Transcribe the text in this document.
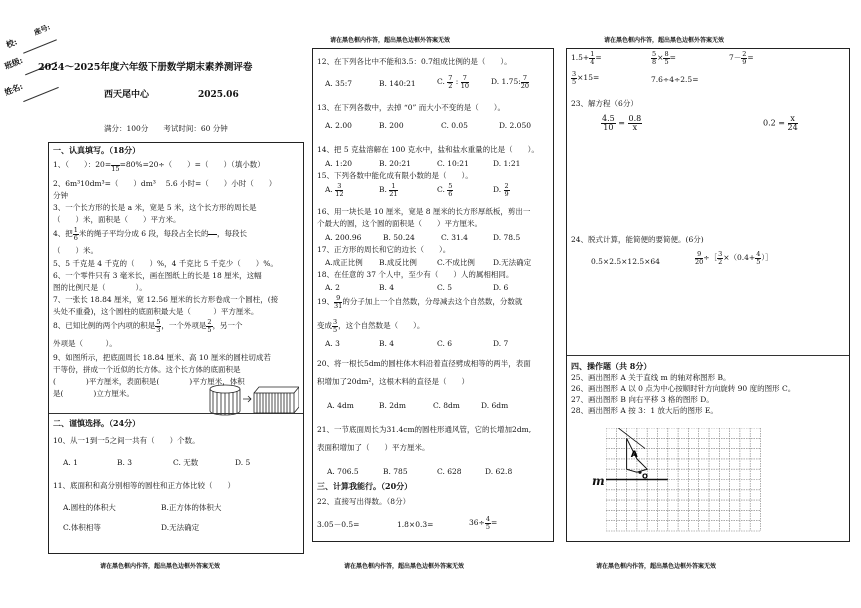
校:
座号:
班级:
姓名:
2024～2025年度六年级下册数学期末素养测评卷
西天尾中心	2025.06
满分：100分　　考试时间：60 分钟
请在黑色框内作答，超出黑色边框外答案无效	请在黑色框内作答，超出黑色边框外答案无效
请在黑色框内作答，超出黑色边框外答案无效	请在黑色框内作答，超出黑色边框外答案无效	请在黑色框内作答，超出黑色边框外答案无效
一、认真填写。（18分）
1、（　　）：20=
  15 =80%=20÷（　　）=（　　）（填小数）
2、6m³10dm³=（　　）dm³　 5.6 小时=（　　）小时（　　）
分钟
3、一个长方形的长是 a 米，宽是 5 米，这个长方形的周长是
（　　）米，面积是（　　）平方米。
4、把 $\frac{1}{6}$ 米的绳子平均分成 6 段，每段占全长的

  ，每段长
（　　）米。
5、5 千克是 4 千克的（　　）%，4 千克比 5 千克少（　　）%。
6、一个零件只有 3 毫米长，画在图纸上的长是 18 厘米，这幅
图的比例尺是（　　　　）。
7、一张长 18.84 厘米，宽 12.56 厘米的长方形卷成一个圆柱，(接
头处不重叠)，这个圆柱的底面积最大是（　　　）平方厘米。
8、已知比例的两个内项的积是 $\frac{5}{3}$ ，一个外项是 $\frac{2}{5}$ ，另一个
外项是（　　　）。
9、如图所示，把底面周长 18.84 厘米、高 10 厘米的圆柱切成若
干等份，拼成一个近似的长方体。这个长方体的底面积是
(　　　　)平方厘米，表面积是(　　　　)平方厘米，体积
是(　　　　)立方厘米。
二、谨慎选择。（24分）
10、从一1到一5之间一共有（　　）个数。
A. 1	B. 3	C. 无数	D. 5
11、底面积和高分别相等的圆柱和正方体比较（　　）
A.圆柱的体积大	B.正方体的体积大
C.体积相等	D.无法确定
12、在下列各比中不能和3.5：0.7组成比例的是（　　）。
A. 35:7	B. 140:21	C. $\frac{7}{2}$ : $\frac{7}{10}$	D. 1.75: $\frac{7}{20}$
13、在下列各数中，去掉 “0” 而大小不变的是（　　）。
A. 2.00	B. 200	C. 0.05	D. 2.050
14、把 5 克盐溶解在 100 克水中，盐和盐水重量的比是（　　）。
A. 1:20	B. 20:21	C. 10:21	D. 1:21
15、下列各数中能化成有限小数的是（　　）。
A. $\frac{3}{12}$	B. $\frac{1}{21}$	C. $\frac{5}{6}$	D. $\frac{2}{9}$
16、用一块长是 10 厘米，宽是 8 厘米的长方形厚纸板，剪出一
个最大的圆，这个圆的面积是（　　）平方厘米。
A. 200.96	B. 50.24	C. 31.4	D. 78.5
17、正方形的周长和它的边长（　　）。
A.成正比例 B.成反比例	C.不成比例 D.无法确定
18、在任意的 37 个人中，至少有（　　）人的属相相同。
A. 2	B. 4	C. 5	D. 6
19、 $\frac{9}{31}$ 的分子加上一个自然数，分母减去这个自然数，分数就
变成 $\frac{3}{5}$ ，这个自然数是（　　）。
A. 3	B. 4	C. 6	D. 7
20、将一根长5dm的圆柱体木料沿着直径劈成相等的两半，表面
积增加了20dm²，这根木料的直径是（　　）
A. 4dm	B. 2dm	C. 8dm	D. 6dm
21、一节底面周长为31.4cm的圆柱形通风管，它的长增加2dm,
表面积增加了（　　）平方厘米。
A. 706.5	B. 785	C. 628	D. 62.8
三、计算我能行。（20分）
22、直接写出得数。（8分）
3.05－0.5=	1.8×0.3=	$36\div \frac{4}{5}$ =
$1.5+ \frac{1}{4}$ =	$\frac{5}{8} \times \frac{8}{5}$ =	$7- \frac{2}{9}$ =
$\frac{3}{5} \times 15=$	7.6÷4÷2.5=
23、解方程（6分）
$\frac{4.5}{10} = \frac{0.8}{x}$	$0.2 = \frac{x}{24}$
24、脱式计算，能简便的要简便。(6分)
0.5×2.5×12.5×64	$\frac{9}{20}$ ÷［ $\frac{3}{2} \times(0.4+ \frac{4}{5}$ ）］
四、操作题（共 8分）
25、画出图形 A 关于直线 m 的轴对称图形 B。
26、画出图形 A 以 0 点为中心按顺时针方向旋转 90 度的图形 C。
27、画出图形 B 向右平移 3 格的图形 D。
28、画出图形 A 按 3：1 放大后的图形 E。
A
O
m
